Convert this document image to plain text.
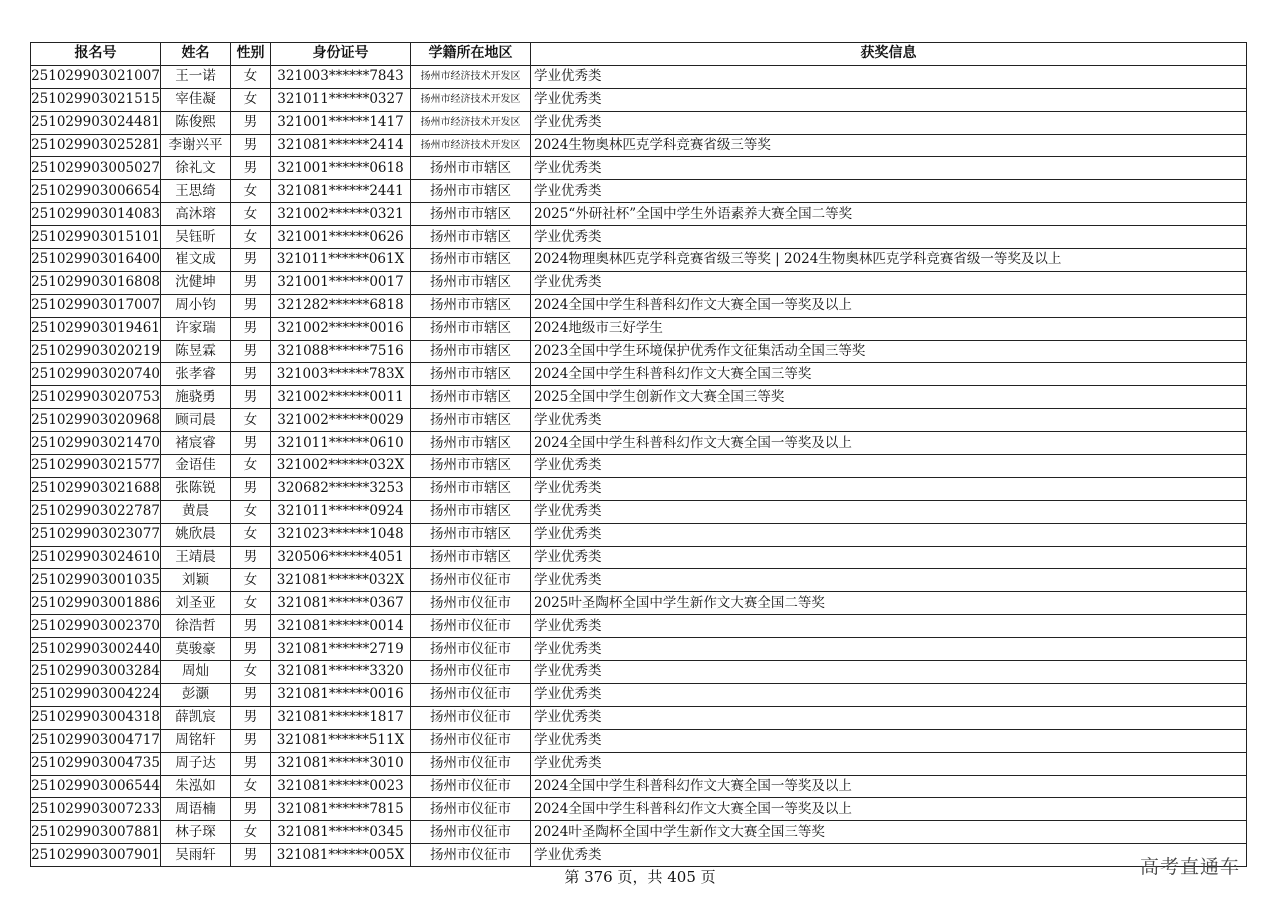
报名号	姓名	性别	身份证号	学籍所在地区	获奖信息
251029903021007	王一诺	女	321003******7843	扬州市经济技术开发区	学业优秀类
251029903021515	宰佳凝	女	321011******0327	扬州市经济技术开发区	学业优秀类
251029903024481	陈俊熙	男	321001******1417	扬州市经济技术开发区	学业优秀类
251029903025281	李谢兴平	男	321081******2414	扬州市经济技术开发区	2024生物奥林匹克学科竞赛省级三等奖
251029903005027	徐礼文	男	321001******0618	扬州市市辖区	学业优秀类
251029903006654	王思绮	女	321081******2441	扬州市市辖区	学业优秀类
251029903014083	高沐瑢	女	321002******0321	扬州市市辖区	2025“外研社杯”全国中学生外语素养大赛全国二等奖
251029903015101	吴钰昕	女	321001******0626	扬州市市辖区	学业优秀类
251029903016400	崔文成	男	321011******061X	扬州市市辖区	2024物理奥林匹克学科竞赛省级三等奖 | 2024生物奥林匹克学科竞赛省级一等奖及以上
251029903016808	沈健坤	男	321001******0017	扬州市市辖区	学业优秀类
251029903017007	周小钧	男	321282******6818	扬州市市辖区	2024全国中学生科普科幻作文大赛全国一等奖及以上
251029903019461	许家瑞	男	321002******0016	扬州市市辖区	2024地级市三好学生
251029903020219	陈昱霖	男	321088******7516	扬州市市辖区	2023全国中学生环境保护优秀作文征集活动全国三等奖
251029903020740	张孝睿	男	321003******783X	扬州市市辖区	2024全国中学生科普科幻作文大赛全国三等奖
251029903020753	施骁勇	男	321002******0011	扬州市市辖区	2025全国中学生创新作文大赛全国三等奖
251029903020968	顾司晨	女	321002******0029	扬州市市辖区	学业优秀类
251029903021470	褚宸睿	男	321011******0610	扬州市市辖区	2024全国中学生科普科幻作文大赛全国一等奖及以上
251029903021577	金语佳	女	321002******032X	扬州市市辖区	学业优秀类
251029903021688	张陈锐	男	320682******3253	扬州市市辖区	学业优秀类
251029903022787	黄晨	女	321011******0924	扬州市市辖区	学业优秀类
251029903023077	姚欣晨	女	321023******1048	扬州市市辖区	学业优秀类
251029903024610	王靖晨	男	320506******4051	扬州市市辖区	学业优秀类
251029903001035	刘颖	女	321081******032X	扬州市仪征市	学业优秀类
251029903001886	刘圣亚	女	321081******0367	扬州市仪征市	2025叶圣陶杯全国中学生新作文大赛全国二等奖
251029903002370	徐浩哲	男	321081******0014	扬州市仪征市	学业优秀类
251029903002440	莫骏豪	男	321081******2719	扬州市仪征市	学业优秀类
251029903003284	周灿	女	321081******3320	扬州市仪征市	学业优秀类
251029903004224	彭灏	男	321081******0016	扬州市仪征市	学业优秀类
251029903004318	薛凯宸	男	321081******1817	扬州市仪征市	学业优秀类
251029903004717	周铭轩	男	321081******511X	扬州市仪征市	学业优秀类
251029903004735	周子达	男	321081******3010	扬州市仪征市	学业优秀类
251029903006544	朱泓如	女	321081******0023	扬州市仪征市	2024全国中学生科普科幻作文大赛全国一等奖及以上
251029903007233	周语楠	男	321081******7815	扬州市仪征市	2024全国中学生科普科幻作文大赛全国一等奖及以上
251029903007881	林子琛	女	321081******0345	扬州市仪征市	2024叶圣陶杯全国中学生新作文大赛全国三等奖
251029903007901	吴雨轩	男	321081******005X	扬州市仪征市	学业优秀类
第 376 页，共 405 页	高考直通车
